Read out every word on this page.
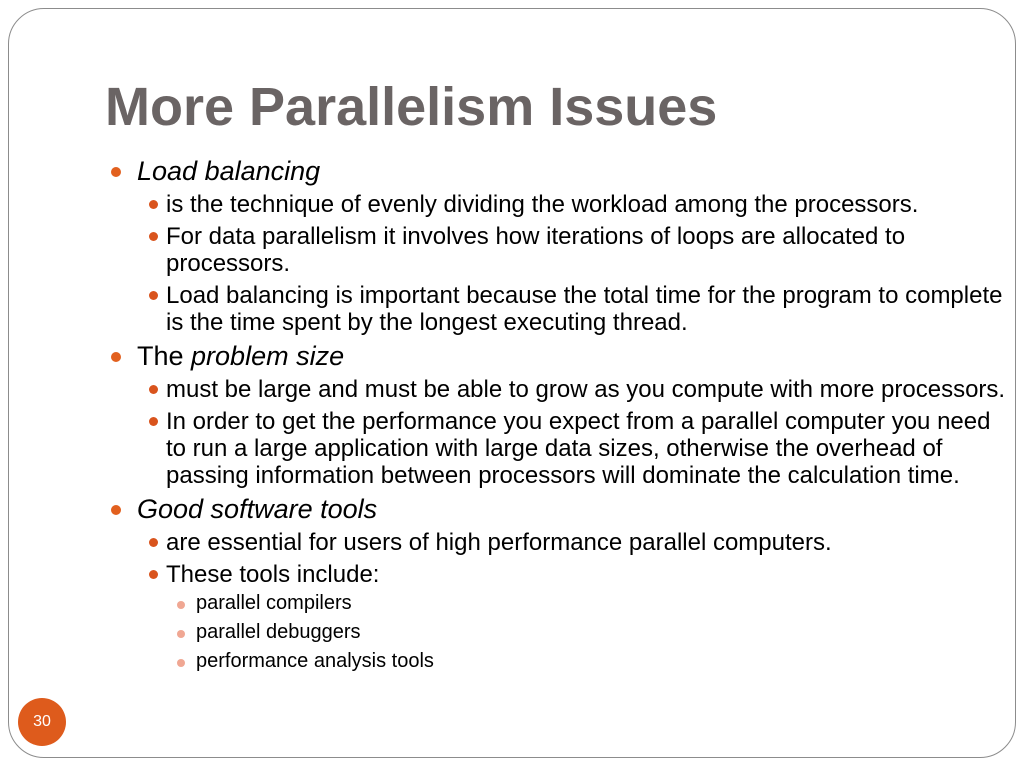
More Parallelism Issues
Load balancing
is the technique of evenly dividing the workload among the processors.
For data parallelism it involves how iterations of loops are allocated to processors.
Load balancing is important because the total time for the program to complete is the time spent by the longest executing thread.
The problem size
must be large and must be able to grow as you compute with more processors.
In order to get the performance you expect from a parallel computer you need to run a large application with large data sizes, otherwise the overhead of passing information between processors will dominate the calculation time.
Good software tools
are essential for users of high performance parallel computers.
These tools include:
parallel compilers
parallel debuggers
performance analysis tools
30
